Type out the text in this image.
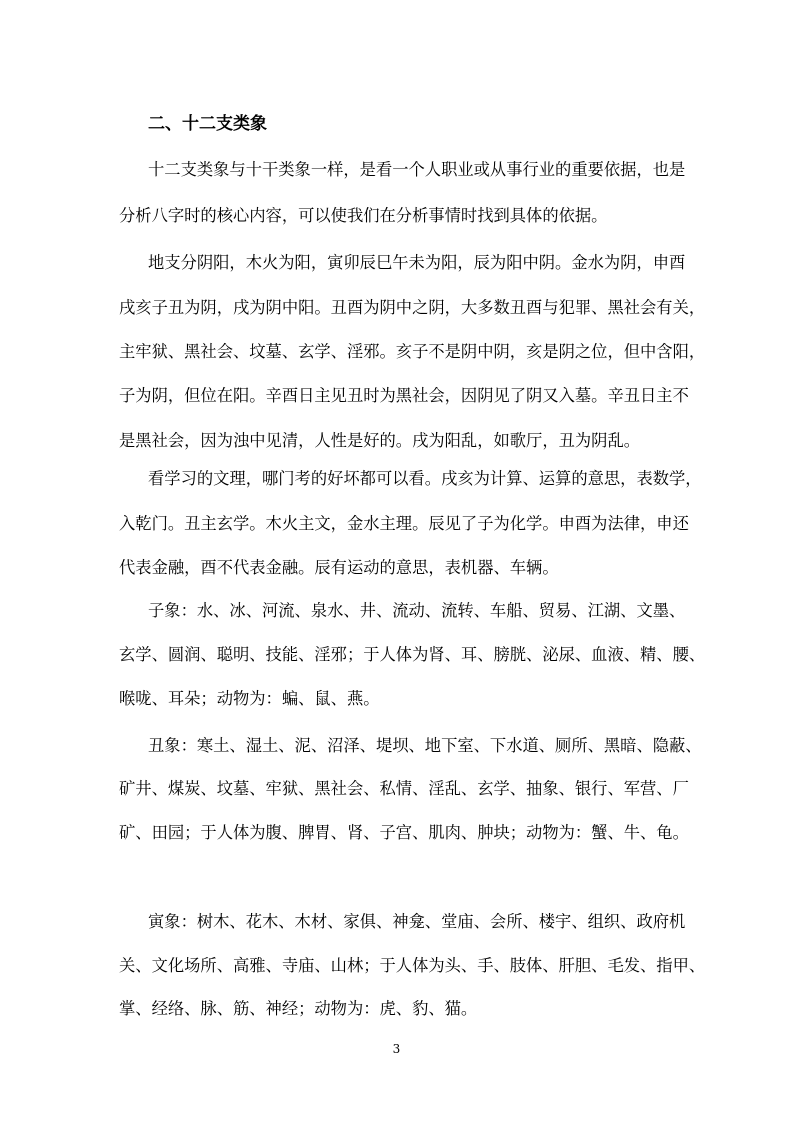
二、十二支类象
十二支类象与十干类象一样，是看一个人职业或从事行业的重要依据，也是
分析八字时的核心内容，可以使我们在分析事情时找到具体的依据。
地支分阴阳，木火为阳，寅卯辰巳午未为阳，辰为阳中阴。金水为阴，申酉
戌亥子丑为阴，戌为阴中阳。丑酉为阴中之阴，大多数丑酉与犯罪、黑社会有关，
主牢狱、黑社会、坟墓、玄学、淫邪。亥子不是阴中阴，亥是阴之位，但中含阳，
子为阴，但位在阳。辛酉日主见丑时为黑社会，因阴见了阴又入墓。辛丑日主不
是黑社会，因为浊中见清，人性是好的。戌为阳乱，如歌厅，丑为阴乱。
看学习的文理，哪门考的好坏都可以看。戌亥为计算、运算的意思，表数学，
入乾门。丑主玄学。木火主文，金水主理。辰见了子为化学。申酉为法律，申还
代表金融，酉不代表金融。辰有运动的意思，表机器、车辆。
子象：水、冰、河流、泉水、井、流动、流转、车船、贸易、江湖、文墨、
玄学、圆润、聪明、技能、淫邪；于人体为肾、耳、膀胱、泌尿、血液、精、腰、
喉咙、耳朵；动物为：蝙、鼠、燕。
丑象：寒土、湿土、泥、沼泽、堤坝、地下室、下水道、厕所、黑暗、隐蔽、
矿井、煤炭、坟墓、牢狱、黑社会、私情、淫乱、玄学、抽象、银行、军营、厂
矿、田园；于人体为腹、脾胃、肾、子宫、肌肉、肿块；动物为：蟹、牛、龟。
寅象：树木、花木、木材、家俱、神龛、堂庙、会所、楼宇、组织、政府机
关、文化场所、高雅、寺庙、山林；于人体为头、手、肢体、肝胆、毛发、指甲、
掌、经络、脉、筋、神经；动物为：虎、豹、猫。
3
